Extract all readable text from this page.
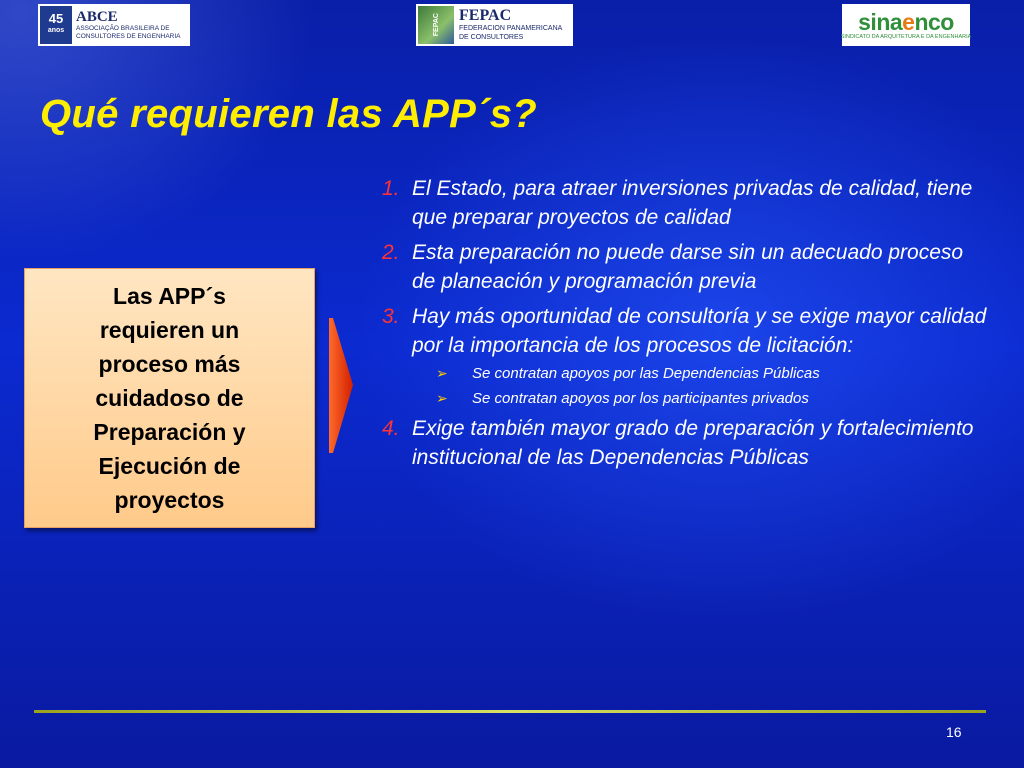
45
anos
ABCE
ASSOCIAÇÃO BRASILEIRA DE
CONSULTORES DE ENGENHARIA	FEPAC FEPAC
FEDERACION PANAMERICANA
DE CONSULTORES
sinaenco
SINDICATO DA ARQUITETURA E DA ENGENHARIA
Qué requieren las APP´s?
Las APP´s
requieren un
proceso más
cuidadoso de
Preparación y
Ejecución de
proyectos
1. El Estado, para atraer inversiones privadas de calidad, tiene que preparar proyectos de calidad
2. Esta preparación no puede darse sin un adecuado proceso de planeación y programación previa
3. Hay más oportunidad de consultoría y se exige mayor calidad por la importancia de los procesos de licitación:
➢	Se contratan apoyos por las Dependencias Públicas
➢	Se contratan apoyos por los participantes privados
4. Exige también mayor grado de preparación y fortalecimiento institucional de las Dependencias Públicas
16
